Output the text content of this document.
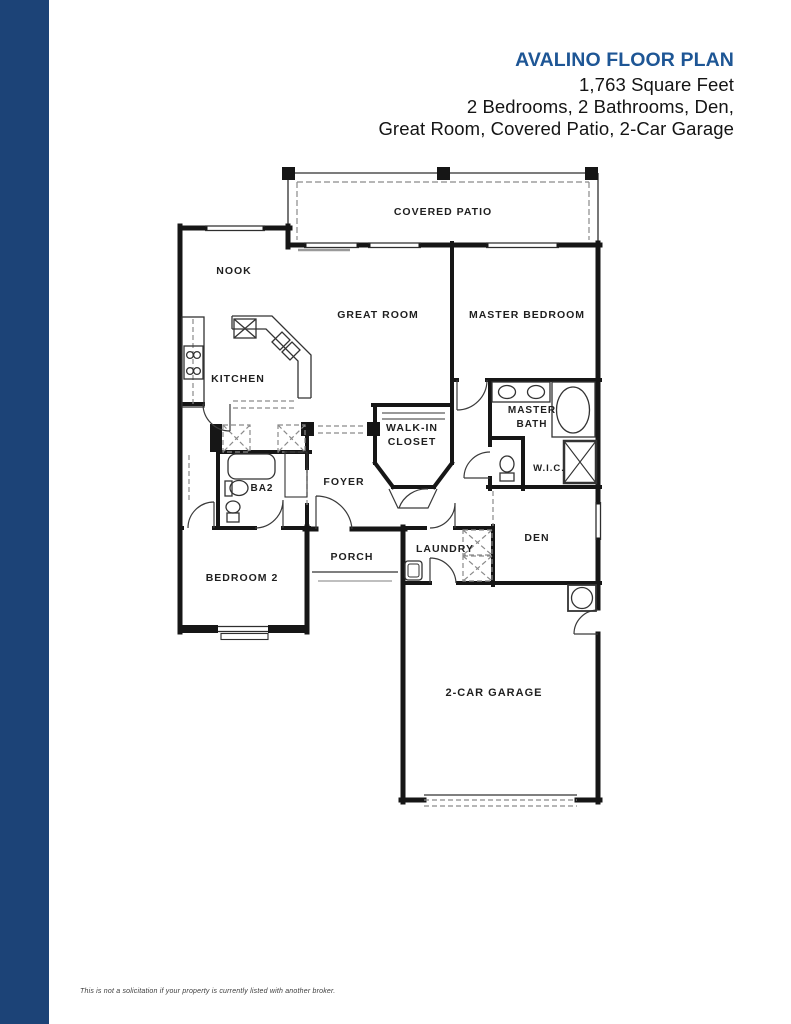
AVALINO FLOOR PLAN
1,763 Square Feet
2 Bedrooms, 2 Bathrooms, Den,
Great Room, Covered Patio, 2-Car Garage
COVERED PATIO
NOOK
GREAT ROOM	MASTER BEDROOM
KITCHEN
MASTER
BATH
WALK-IN
CLOSET
W.I.C.
FOYER
BA2
DEN
LAUNDRY
PORCH
BEDROOM 2
2-CAR GARAGE
This is not a solicitation if your property is currently listed with another broker.
